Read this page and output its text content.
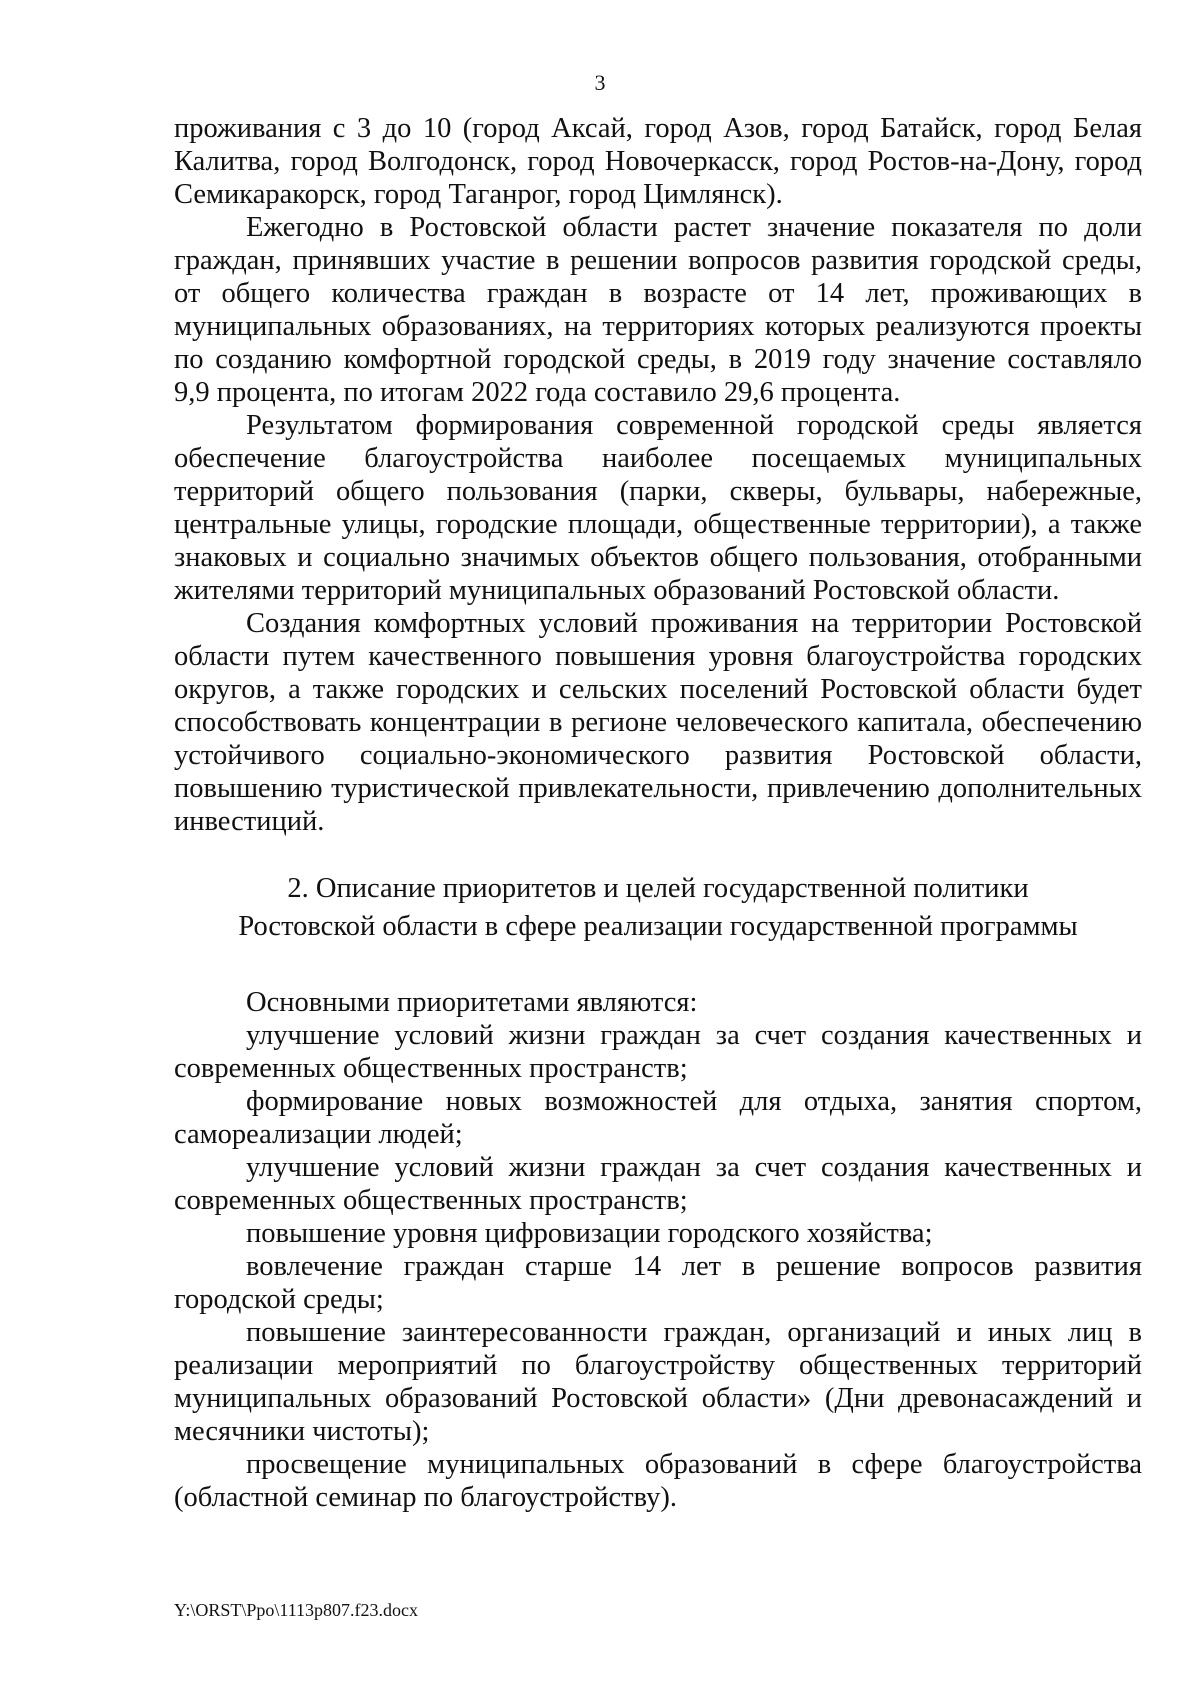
3

проживания с 3 до 10 (город Аксай, город Азов, город Батайск, город Белая Калитва, город Волгодонск, город Новочеркасск, город Ростов-на-Дону, город Семикаракорск, город Таганрог, город Цимлянск).

Ежегодно в Ростовской области растет значение показателя по доли граждан, принявших участие в решении вопросов развития городской среды, от общего количества граждан в возрасте от 14 лет, проживающих в муниципальных образованиях, на территориях которых реализуются проекты по созданию комфортной городской среды, в 2019 году значение составляло 9,9 процента, по итогам 2022 года составило 29,6 процента.

Результатом формирования современной городской среды является обеспечение благоустройства наиболее посещаемых муниципальных территорий общего пользования (парки, скверы, бульвары, набережные, центральные улицы, городские площади, общественные территории), а также знаковых и социально значимых объектов общего пользования, отобранными жителями территорий муниципальных образований Ростовской области.

Создания комфортных условий проживания на территории Ростовской области путем качественного повышения уровня благоустройства городских округов, а также городских и сельских поселений Ростовской области будет способствовать концентрации в регионе человеческого капитала, обеспечению устойчивого социально-экономического развития Ростовской области, повышению туристической привлекательности, привлечению дополнительных инвестиций.

2. Описание приоритетов и целей государственной политики
Ростовской области в сфере реализации государственной программы

Основными приоритетами являются:

улучшение условий жизни граждан за счет создания качественных и современных общественных пространств;

формирование новых возможностей для отдыха, занятия спортом, самореализации людей;

улучшение условий жизни граждан за счет создания качественных и современных общественных пространств;

повышение уровня цифровизации городского хозяйства;

вовлечение граждан старше 14 лет в решение вопросов развития городской среды;

повышение заинтересованности граждан, организаций и иных лиц в реализации мероприятий по благоустройству общественных территорий муниципальных образований Ростовской области» (Дни древонасаждений и месячники чистоты);

просвещение муниципальных образований в сфере благоустройства (областной семинар по благоустройству).

Y:\ORST\Ppo\1113p807.f23.docx
